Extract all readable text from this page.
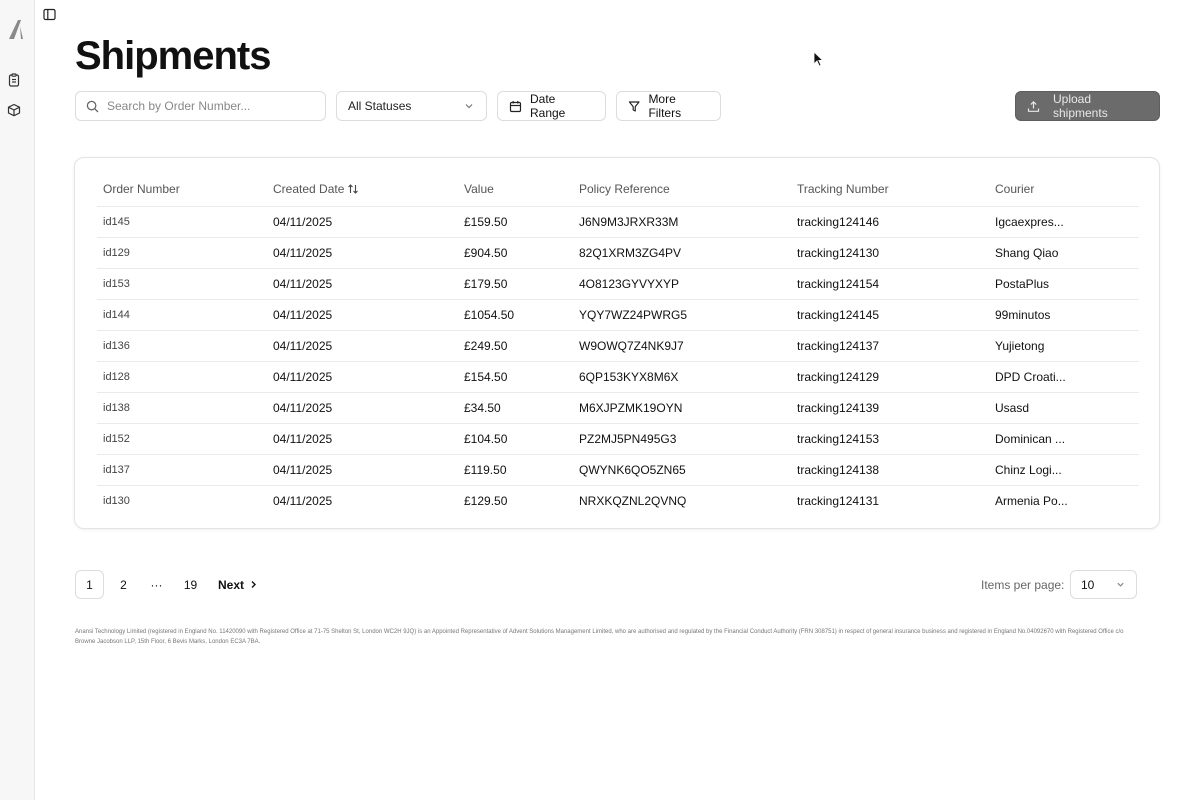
Shipments
Search by Order Number...
All Statuses	Date Range
More Filters
Upload shipments
Order Number	Created Date	Value	Policy Reference	Tracking Number	Courier
id145	04/11/2025	£159.50	J6N9M3JRXR33M	tracking124146	Igcaexpres...
id129	04/11/2025	£904.50	82Q1XRM3ZG4PV	tracking124130	Shang Qiao
id153	04/11/2025	£179.50	4O8123GYVYXYP	tracking124154	PostaPlus
id144	04/11/2025	£1054.50	YQY7WZ24PWRG5	tracking124145	99minutos
id136	04/11/2025	£249.50	W9OWQ7Z4NK9J7	tracking124137	Yujietong
id128	04/11/2025	£154.50	6QP153KYX8M6X	tracking124129	DPD Croati...
id138	04/11/2025	£34.50	M6XJPZMK19OYN	tracking124139	Usasd
id152	04/11/2025	£104.50	PZ2MJ5PN495G3	tracking124153	Dominican ...
id137	04/11/2025	£119.50	QWYNK6QO5ZN65	tracking124138	Chinz Logi...
id130	04/11/2025	£129.50	NRXKQZNL2QVNQ	tracking124131	Armenia Po...
1	2	···	19	Next	Items per page: 10

Anansi Technology Limited (registered in England No. 11420090 with Registered Office at 71-75 Shelton St, London WC2H 9JQ) is an Appointed Representative of Advent Solutions Management Limited, who are authorised and regulated by the Financial Conduct Authority (FRN 308751) in respect of general insurance business and registered in England No.04092670 with Registered Office c/o Browne Jacobson LLP, 15th Floor, 6 Bevis Marks, London EC3A 7BA.
